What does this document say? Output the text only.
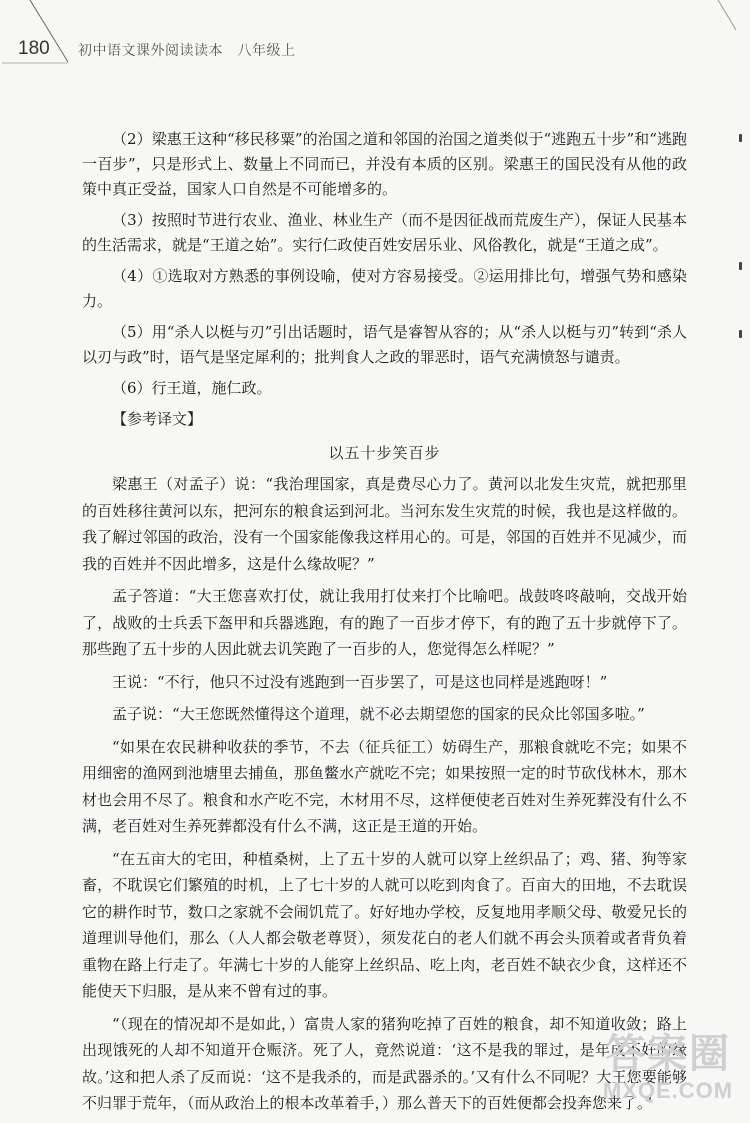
180 初中语文课外阅读读本　八年级上

（2）梁惠王这种“移民移粟”的治国之道和邻国的治国之道类似于“逃跑五十步”和“逃跑一百步”，只是形式上、数量上不同而已，并没有本质的区别。梁惠王的国民没有从他的政策中真正受益，国家人口自然是不可能增多的。

（3）按照时节进行农业、渔业、林业生产（而不是因征战而荒废生产），保证人民基本的生活需求，就是“王道之始”。实行仁政使百姓安居乐业、风俗教化，就是“王道之成”。

（4）①选取对方熟悉的事例设喻，使对方容易接受。②运用排比句，增强气势和感染力。

（5）用“杀人以梃与刃”引出话题时，语气是睿智从容的；从“杀人以梃与刃”转到“杀人以刃与政”时，语气是坚定犀利的；批判食人之政的罪恶时，语气充满愤怒与谴责。

（6）行王道，施仁政。

【参考译文】

以五十步笑百步

梁惠王（对孟子）说：“我治理国家，真是费尽心力了。黄河以北发生灾荒，就把那里的百姓移往黄河以东，把河东的粮食运到河北。当河东发生灾荒的时候，我也是这样做的。我了解过邻国的政治，没有一个国家能像我这样用心的。可是，邻国的百姓并不见减少，而我的百姓并不因此增多，这是什么缘故呢？”

孟子答道：“大王您喜欢打仗，就让我用打仗来打个比喻吧。战鼓咚咚敲响，交战开始了，战败的士兵丢下盔甲和兵器逃跑，有的跑了一百步才停下，有的跑了五十步就停下了。那些跑了五十步的人因此就去讥笑跑了一百步的人，您觉得怎么样呢？”

王说：“不行，他只不过没有逃跑到一百步罢了，可是这也同样是逃跑呀！”

孟子说：“大王您既然懂得这个道理，就不必去期望您的国家的民众比邻国多啦。”

“如果在农民耕种收获的季节，不去（征兵征工）妨碍生产，那粮食就吃不完；如果不用细密的渔网到池塘里去捕鱼，那鱼鳖水产就吃不完；如果按照一定的时节砍伐林木，那木材也会用不尽了。粮食和水产吃不完，木材用不尽，这样便使老百姓对生养死葬没有什么不满，老百姓对生养死葬都没有什么不满，这正是王道的开始。

“在五亩大的宅田，种植桑树，上了五十岁的人就可以穿上丝织品了；鸡、猪、狗等家畜，不耽误它们繁殖的时机，上了七十岁的人就可以吃到肉食了。百亩大的田地，不去耽误它的耕作时节，数口之家就不会闹饥荒了。好好地办学校，反复地用孝顺父母、敬爱兄长的道理训导他们，那么（人人都会敬老尊贤），须发花白的老人们就不再会头顶着或者背负着重物在路上行走了。年满七十岁的人能穿上丝织品、吃上肉，老百姓不缺衣少食，这样还不能使天下归服，是从来不曾有过的事。

“（现在的情况却不是如此，）富贵人家的猪狗吃掉了百姓的粮食，却不知道收敛；路上出现饿死的人却不知道开仓赈济。死了人，竟然说道：‘这不是我的罪过，是年成不好的缘故。’这和把人杀了反而说：‘这不是我杀的，而是武器杀的。’又有什么不同呢？大王您要能够不归罪于荒年，（而从政治上的根本改革着手，）那么普天下的百姓便都会投奔您来了。”

答案圈
MXQE.COM
